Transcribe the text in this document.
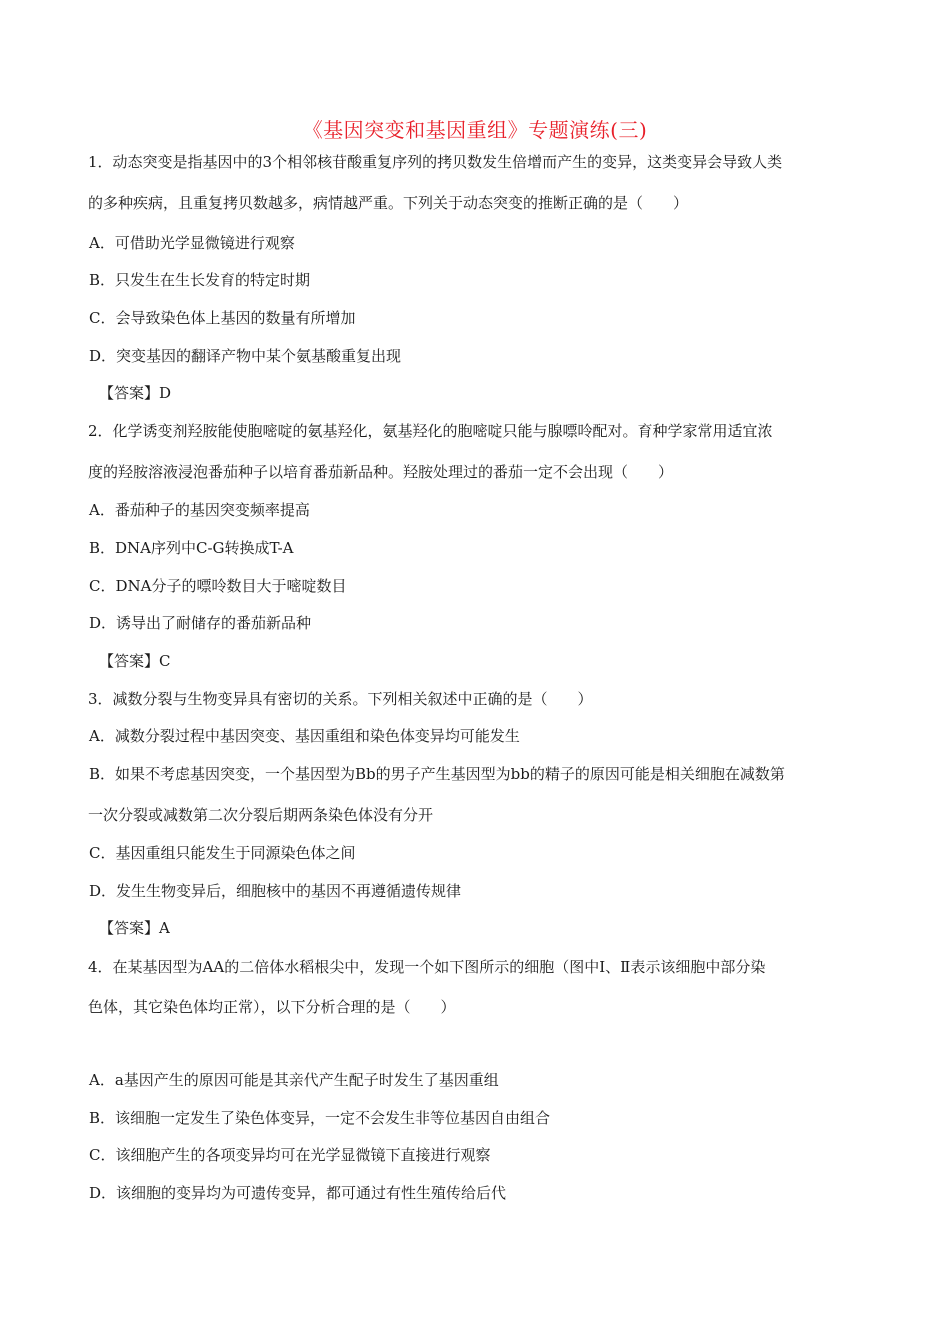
《基因突变和基因重组》专题演练(三)
1．动态突变是指基因中的3个相邻核苷酸重复序列的拷贝数发生倍增而产生的变异，这类变异会导致人类
的多种疾病，且重复拷贝数越多，病情越严重。下列关于动态突变的推断正确的是（　　）
A．可借助光学显微镜进行观察
B．只发生在生长发育的特定时期
C．会导致染色体上基因的数量有所增加
D．突变基因的翻译产物中某个氨基酸重复出现
【答案】D
2．化学诱变剂羟胺能使胞嘧啶的氨基羟化，氨基羟化的胞嘧啶只能与腺嘌呤配对。育种学家常用适宜浓
度的羟胺溶液浸泡番茄种子以培育番茄新品种。羟胺处理过的番茄一定不会出现（　　）
A．番茄种子的基因突变频率提高
B．DNA序列中C-G转换成T-A
C．DNA分子的嘌呤数目大于嘧啶数目
D．诱导出了耐储存的番茄新品种
【答案】C
3．减数分裂与生物变异具有密切的关系。下列相关叙述中正确的是（　　）
A．减数分裂过程中基因突变、基因重组和染色体变异均可能发生
B．如果不考虑基因突变，一个基因型为Bb的男子产生基因型为bb的精子的原因可能是相关细胞在减数第
一次分裂或减数第二次分裂后期两条染色体没有分开
C．基因重组只能发生于同源染色体之间
D．发生生物变异后，细胞核中的基因不再遵循遗传规律
【答案】A
4．在某基因型为AA的二倍体水稻根尖中，发现一个如下图所示的细胞（图中Ⅰ、Ⅱ表示该细胞中部分染
色体，其它染色体均正常），以下分析合理的是（　　）
A．a基因产生的原因可能是其亲代产生配子时发生了基因重组
B．该细胞一定发生了染色体变异，一定不会发生非等位基因自由组合
C．该细胞产生的各项变异均可在光学显微镜下直接进行观察
D．该细胞的变异均为可遗传变异，都可通过有性生殖传给后代
